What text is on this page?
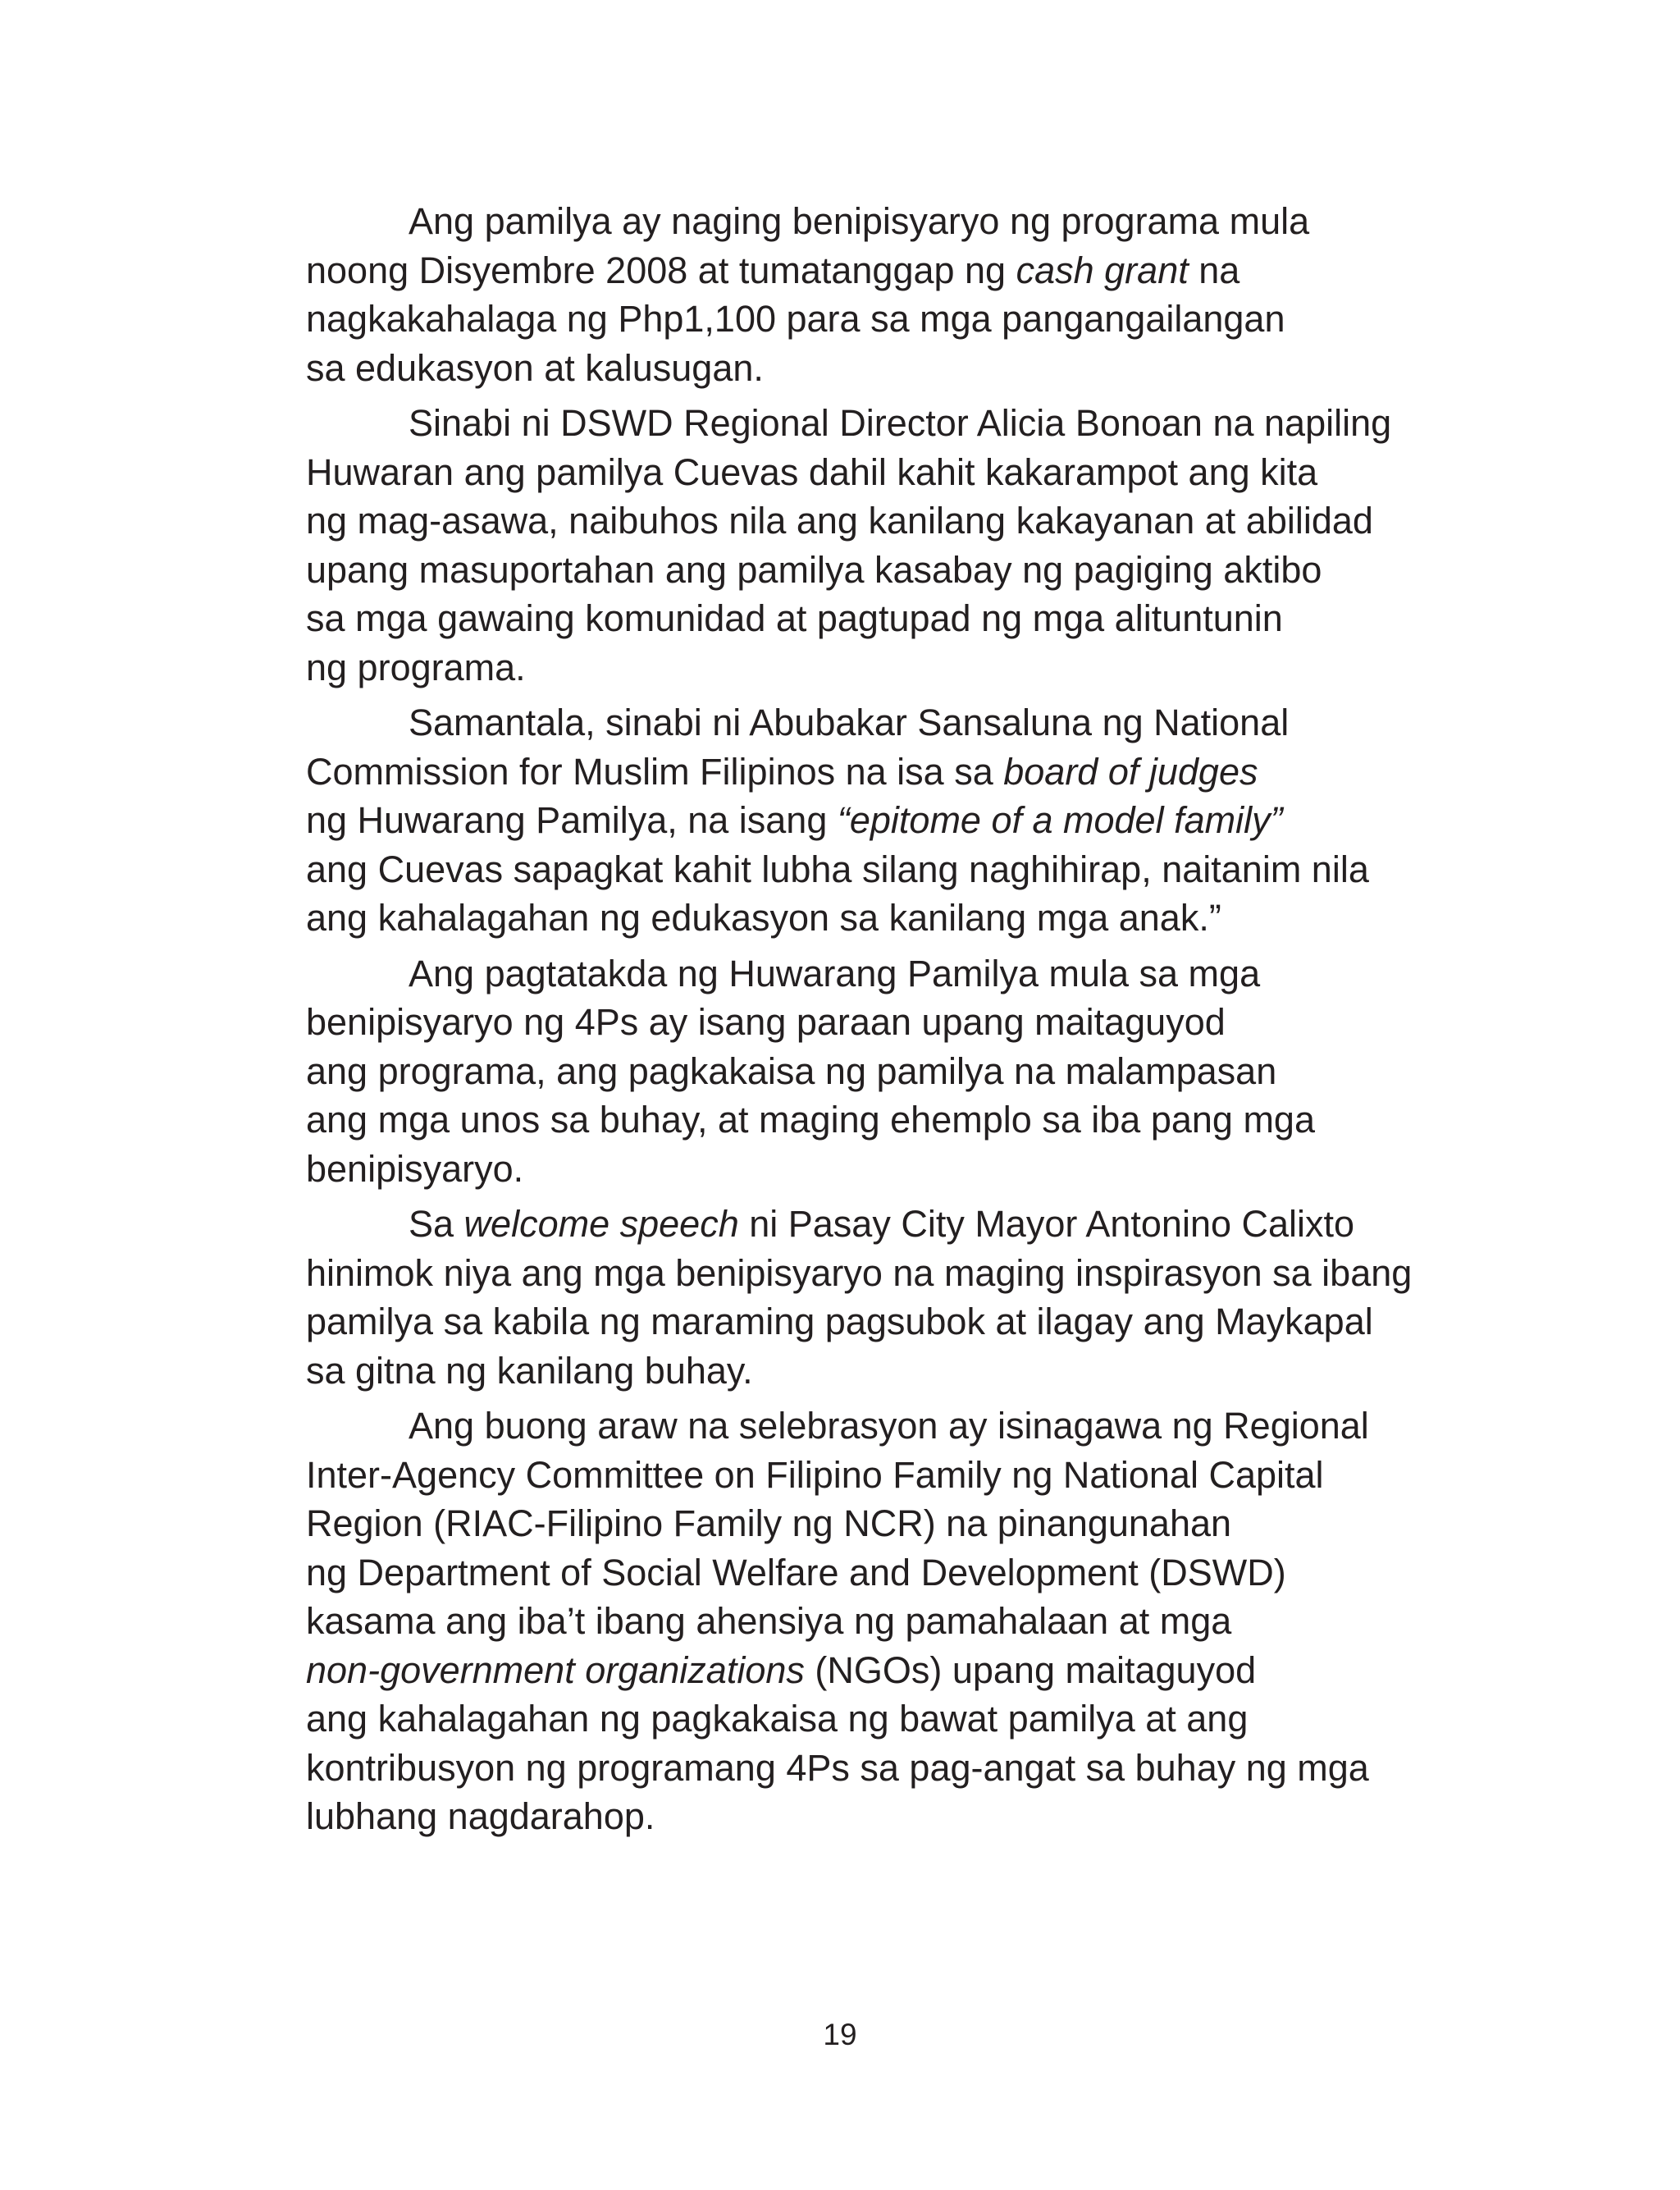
Ang pamilya ay naging benipisyaryo ng programa mula
noong Disyembre 2008 at tumatanggap ng cash grant na
nagkakahalaga ng Php1,100 para sa mga pangangailangan
sa edukasyon at kalusugan.
Sinabi ni DSWD Regional Director Alicia Bonoan na napiling
Huwaran ang pamilya Cuevas dahil kahit kakarampot ang kita
ng mag-asawa, naibuhos nila ang kanilang kakayanan at abilidad
upang masuportahan ang pamilya kasabay ng pagiging aktibo
sa mga gawaing komunidad at pagtupad ng mga alituntunin
ng programa.
Samantala, sinabi ni Abubakar Sansaluna ng National
Commission for Muslim Filipinos na isa sa board of judges
ng Huwarang Pamilya, na isang “epitome of a model family”
ang Cuevas sapagkat kahit lubha silang naghihirap, naitanim nila
ang kahalagahan ng edukasyon sa kanilang mga anak.”
Ang pagtatakda ng Huwarang Pamilya mula sa mga
benipisyaryo ng 4Ps ay isang paraan upang maitaguyod
ang programa, ang pagkakaisa ng pamilya na malampasan
ang mga unos sa buhay, at maging ehemplo sa iba pang mga
benipisyaryo.
Sa welcome speech ni Pasay City Mayor Antonino Calixto
hinimok niya ang mga benipisyaryo na maging inspirasyon sa ibang
pamilya sa kabila ng maraming pagsubok at ilagay ang Maykapal
sa gitna ng kanilang buhay.
Ang buong araw na selebrasyon ay isinagawa ng Regional
Inter-Agency Committee on Filipino Family ng National Capital
Region (RIAC-Filipino Family ng NCR) na pinangunahan
ng Department of Social Welfare and Development (DSWD)
kasama ang iba’t ibang ahensiya ng pamahalaan at mga
non-government organizations (NGOs) upang maitaguyod
ang kahalagahan ng pagkakaisa ng bawat pamilya at ang
kontribusyon ng programang 4Ps sa pag-angat sa buhay ng mga
lubhang nagdarahop.
19
